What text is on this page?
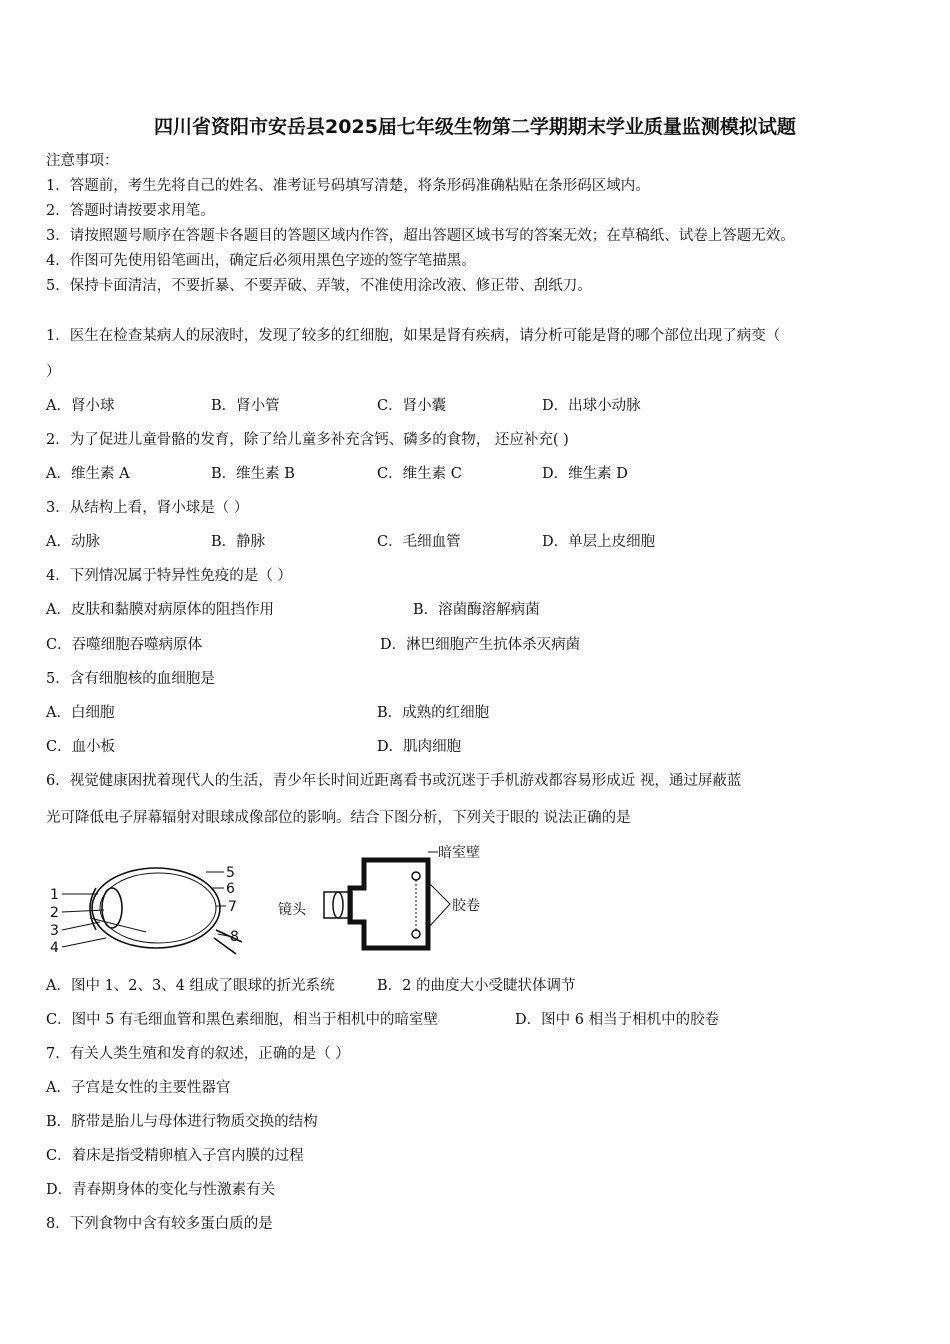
四川省资阳市安岳县2025届七年级生物第二学期期末学业质量监测模拟试题
注意事项：
1．答题前，考生先将自己的姓名、准考证号码填写清楚，将条形码准确粘贴在条形码区域内。
2．答题时请按要求用笔。
3．请按照题号顺序在答题卡各题目的答题区域内作答，超出答题区域书写的答案无效；在草稿纸、试卷上答题无效。
4．作图可先使用铅笔画出，确定后必须用黑色字迹的签字笔描黑。
5．保持卡面清洁，不要折暴、不要弄破、弄皱，不准使用涂改液、修正带、刮纸刀。
1．医生在检查某病人的尿液时，发现了较多的红细胞，如果是肾有疾病，请分析可能是肾的哪个部位出现了病变（
）
A．肾小球	B．肾小管	C．肾小囊	D．出球小动脉
2．为了促进儿童骨骼的发育，除了给儿童多补充含钙、磷多的食物， 还应补充( )
A．维生素 A	B．维生素 B	C．维生素 C	D．维生素 D
3．从结构上看，肾小球是（ ）
A．动脉	B．静脉	C．毛细血管	D．单层上皮细胞
4．下列情况属于特异性免疫的是（ ）
A．皮肤和黏膜对病原体的阻挡作用	B．溶菌酶溶解病菌
C．吞噬细胞吞噬病原体	D．淋巴细胞产生抗体杀灭病菌
5．含有细胞核的血细胞是
A．白细胞	B．成熟的红细胞
C．血小板	D．肌肉细胞
6．视觉健康困扰着现代人的生活，青少年长时间近距离看书或沉迷于手机游戏都容易形成近 视，通过屏蔽蓝
光可降低电子屏幕辐射对眼球成像部位的影响。结合下图分析，下列关于眼的 说法正确的是
1
2
3
4
5
6
7
8
暗室壁
镜头	胶卷
A．图中 1、2、3、4 组成了眼球的折光系统	B．2 的曲度大小受睫状体调节
C．图中 5 有毛细血管和黑色素细胞，相当于相机中的暗室壁	D．图中 6 相当于相机中的胶卷
7．有关人类生殖和发育的叙述，正确的是（ ）
A．子宫是女性的主要性器官
B．脐带是胎儿与母体进行物质交换的结构
C．着床是指受精卵植入子宫内膜的过程
D．青春期身体的变化与性激素有关
8．下列食物中含有较多蛋白质的是
